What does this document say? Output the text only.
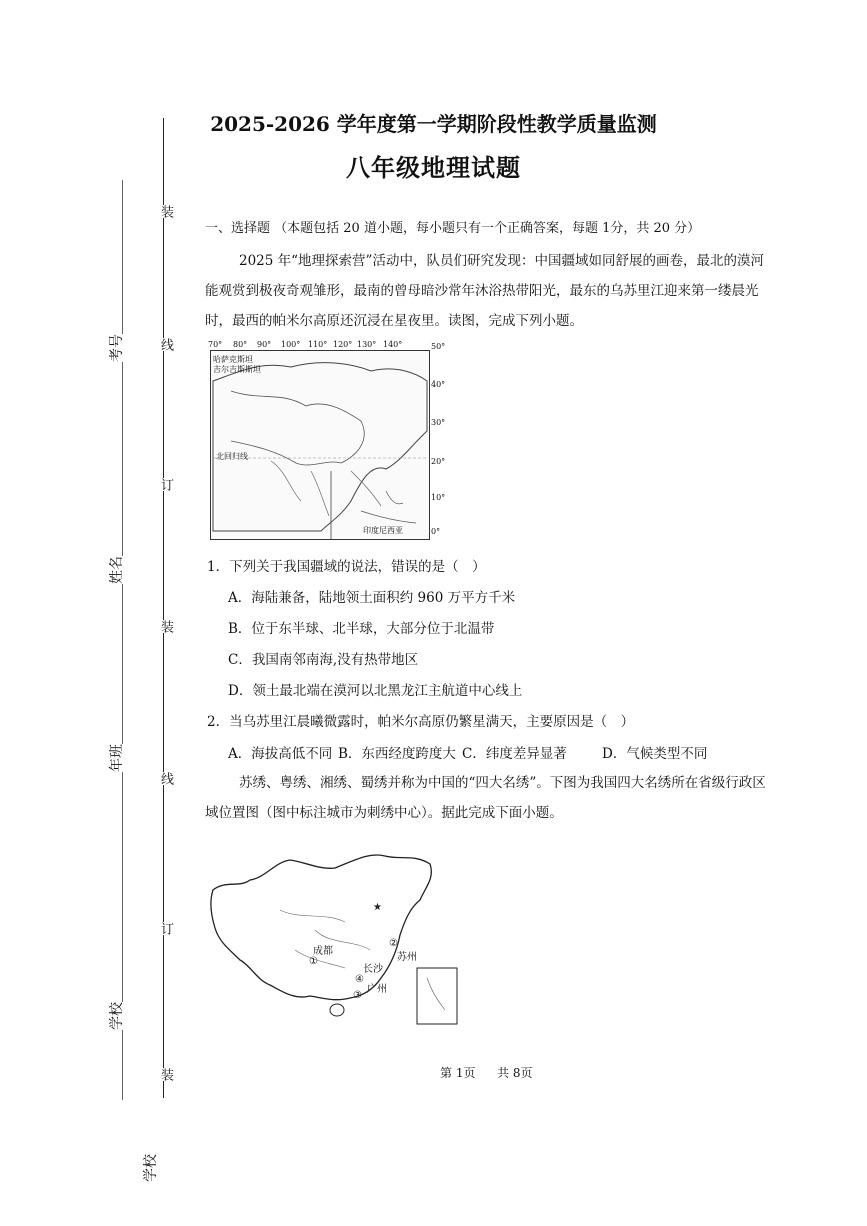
装
线
订
装
线
订
装
考号
姓名
年班
学校
学校
2025-2026 学年度第一学期阶段性教学质量监测
八年级地理试题
一、选择题 （本题包括 20 道小题，每小题只有一个正确答案，每题 1分，共 20 分）
2025 年“地理探索营”活动中，队员们研究发现：中国疆域如同舒展的画卷，最北的漠河能观赏到极夜奇观雏形，最南的曾母暗沙常年沐浴热带阳光，最东的乌苏里江迎来第一缕晨光时，最西的帕米尔高原还沉浸在星夜里。读图，完成下列小题。
70° 80° 90° 100° 110° 120° 130° 140°
哈萨克斯坦
吉尔吉斯斯坦
北回归线
印度尼西亚
50°
40°
30°
20°
10°
0°
1．下列关于我国疆域的说法，错误的是（　）
A．海陆兼备，陆地领土面积约 960 万平方千米
B．位于东半球、北半球，大部分位于北温带
C．我国南邻南海,没有热带地区
D．领土最北端在漠河以北黑龙江主航道中心线上
2．当乌苏里江晨曦微露时，帕米尔高原仍繁星满天，主要原因是（　）
A．海拔高低不同 B．东西经度跨度大 C．纬度差异显著	D．气候类型不同
苏绣、粤绣、湘绣、蜀绣并称为中国的“四大名绣”。下图为我国四大名绣所在省级行政区域位置图（图中标注城市为刺绣中心）。据此完成下面小题。
★
成都
长沙
苏州
广州
①
②
③
④
第 1页 共 8页
